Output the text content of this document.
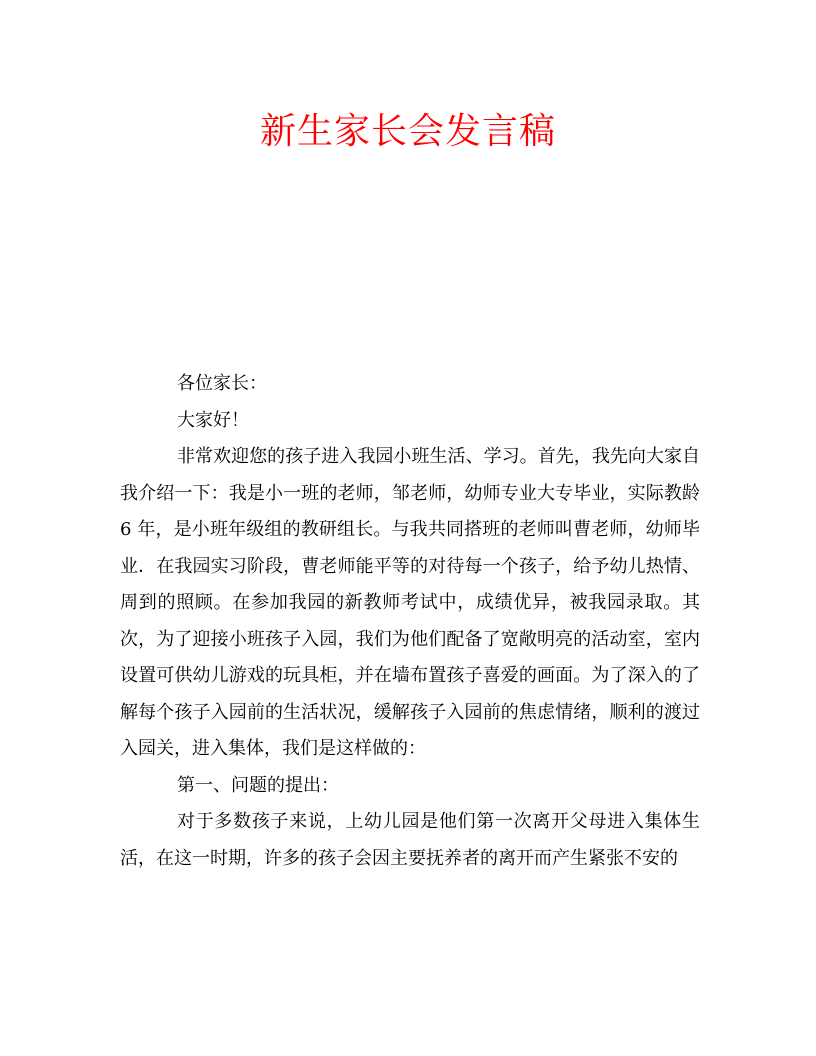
新生家长会发言稿

各位家长：

大家好！

非常欢迎您的孩子进入我园小班生活、学习。首先，我先向大家自我介绍一下：我是小一班的老师，邹老师，幼师专业大专毕业，实际教龄 6 年，是小班年级组的教研组长。与我共同搭班的老师叫曹老师，幼师毕业．在我园实习阶段，曹老师能平等的对待每一个孩子，给予幼儿热情、周到的照顾。在参加我园的新教师考试中，成绩优异，被我园录取。其次，为了迎接小班孩子入园，我们为他们配备了宽敞明亮的活动室，室内设置可供幼儿游戏的玩具柜，并在墙布置孩子喜爱的画面。为了深入的了解每个孩子入园前的生活状况，缓解孩子入园前的焦虑情绪，顺利的渡过入园关，进入集体，我们是这样做的：

第一、问题的提出：

对于多数孩子来说，上幼儿园是他们第一次离开父母进入集体生活，在这一时期，许多的孩子会因主要抚养者的离开而产生紧张不安的
